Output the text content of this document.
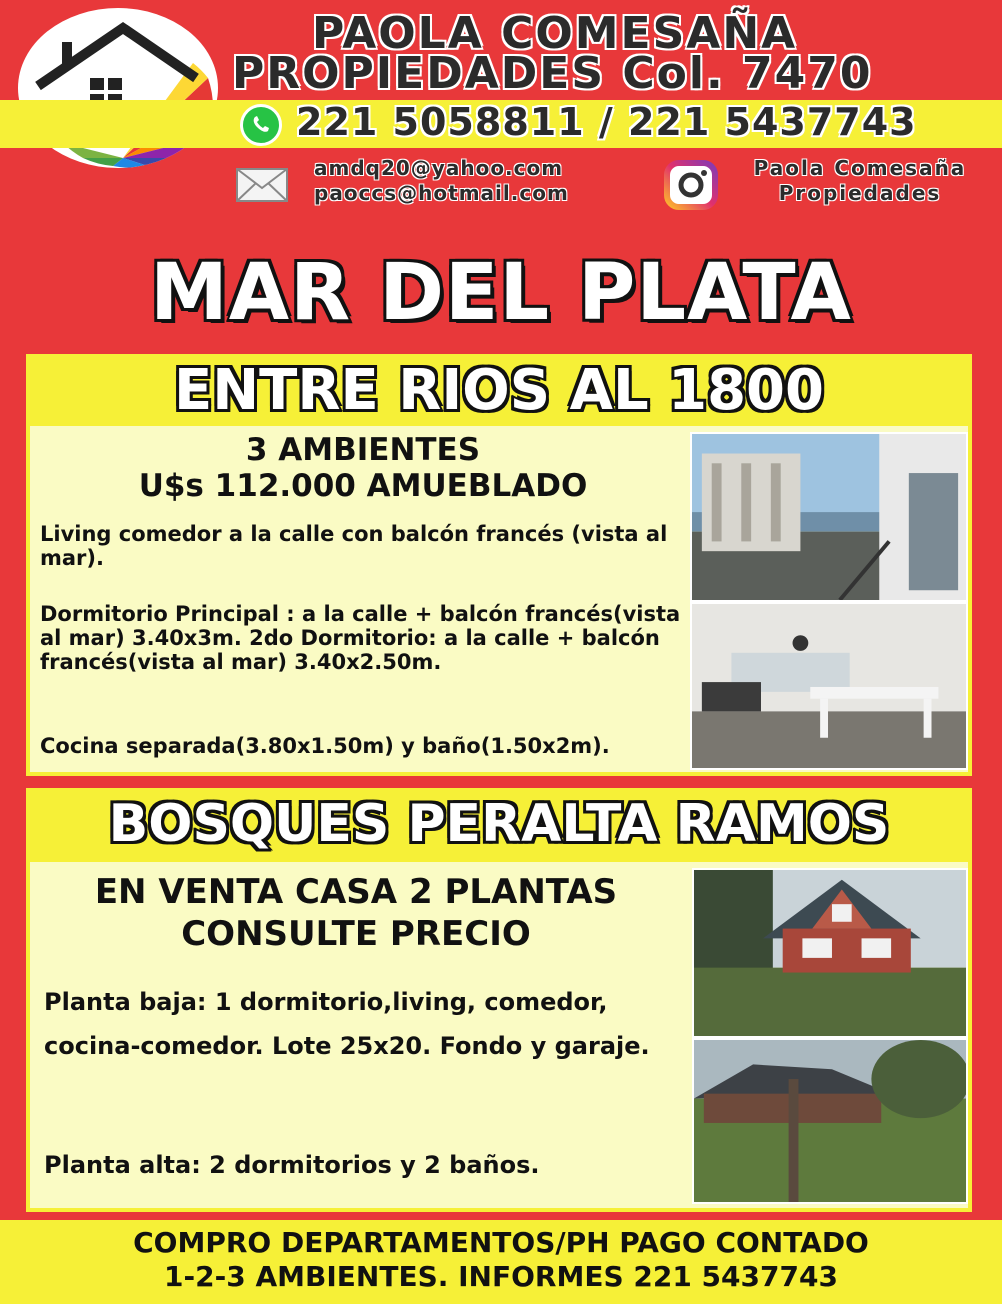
PAOLA COMESAÑA
PROPIEDADES Col. 7470
221 5058811 / 221 5437743
amdq20@yahoo.com
paoccs@hotmail.com
Paola Comesaña
Propiedades
MAR DEL PLATA
ENTRE RIOS AL 1800

3 AMBIENTES

U$s 112.000 AMUEBLADO

Living comedor a la calle con balcón francés (vista al mar).

Dormitorio Principal : a la calle + balcón francés(vista al mar) 3.40x3m. 2do Dormitorio: a la calle + balcón francés(vista al mar) 3.40x2.50m.

Cocina separada(3.80x1.50m) y baño(1.50x2m).

BOSQUES PERALTA RAMOS

EN VENTA CASA 2 PLANTAS

CONSULTE PRECIO

Planta baja: 1 dormitorio,living, comedor, cocina-comedor. Lote 25x20. Fondo y garaje.

Planta alta: 2 dormitorios y 2 baños.

COMPRO DEPARTAMENTOS/PH PAGO CONTADO

1-2-3 AMBIENTES. INFORMES 221 5437743
